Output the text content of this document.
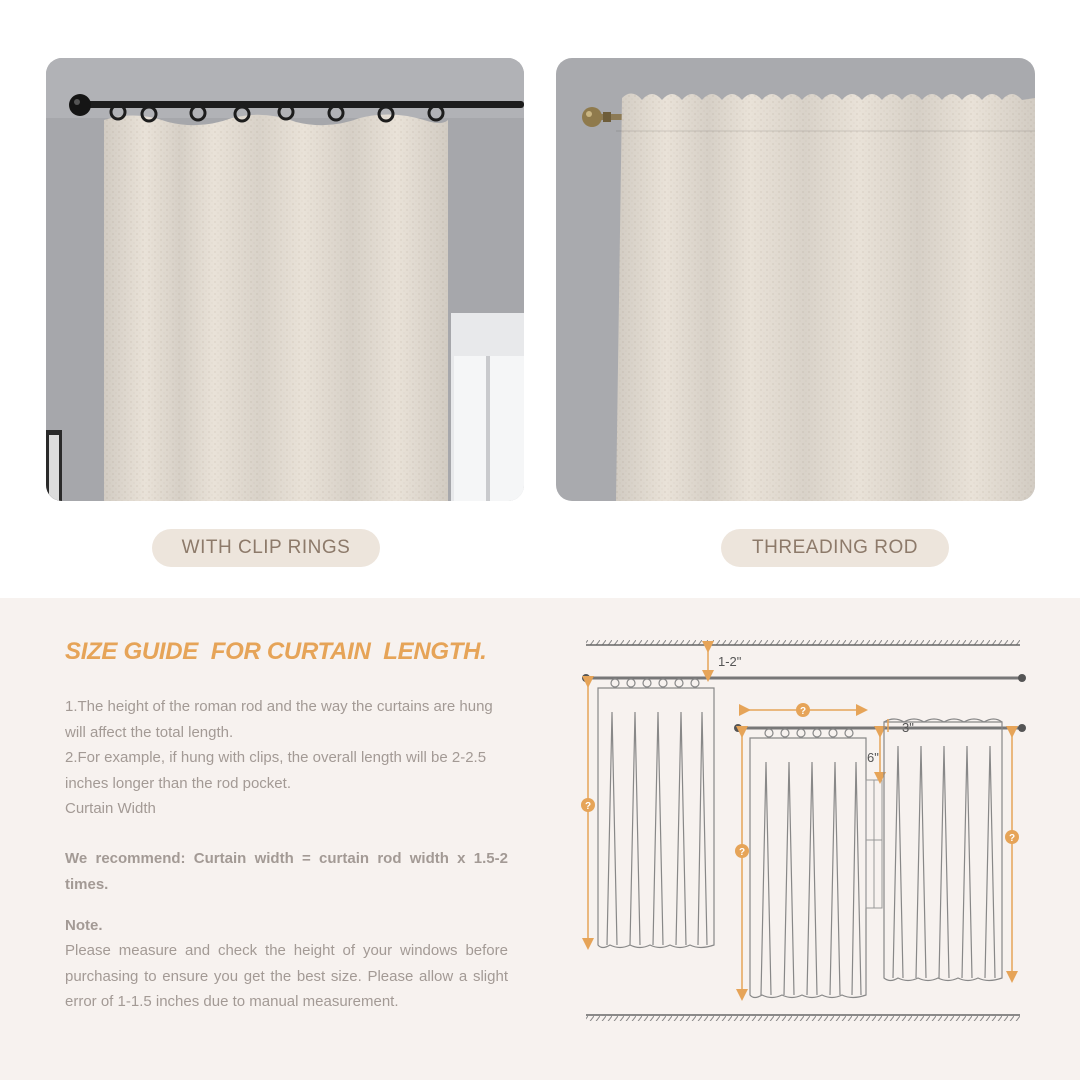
WITH CLIP RINGS	THREADING ROD
SIZE GUIDE  FOR CURTAIN  LENGTH.
1.The height of the roman rod and the way the curtains are hung will affect the total length.
2.For example, if hung with clips, the overall length will be 2-2.5 inches longer than the rod pocket.
Curtain Width
We recommend: Curtain width = curtain rod width x 1.5-2 times.
Note.
Please measure and check the height of your windows before purchasing to ensure you get the best size. Please allow a slight error of 1-1.5 inches due to manual measurement.
1-2"
?
?
?
6"
3"
?
